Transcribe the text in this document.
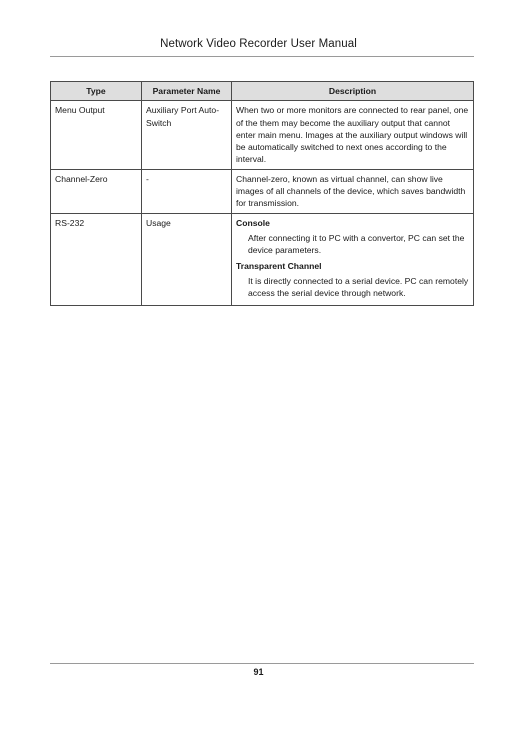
Network Video Recorder User Manual
Type	Parameter Name	Description
Menu Output	Auxiliary Port Auto-Switch	When two or more monitors are connected to rear panel, one of the them may become the auxiliary output that cannot enter main menu. Images at the auxiliary output windows will be automatically switched to next ones according to the interval.
Channel-Zero	-	Channel-zero, known as virtual channel, can show live images of all channels of the device, which saves bandwidth for transmission.
RS-232	Usage	Console
After connecting it to PC with a convertor, PC can set the device parameters.
Transparent Channel
It is directly connected to a serial device. PC can remotely access the serial device through network.
91
